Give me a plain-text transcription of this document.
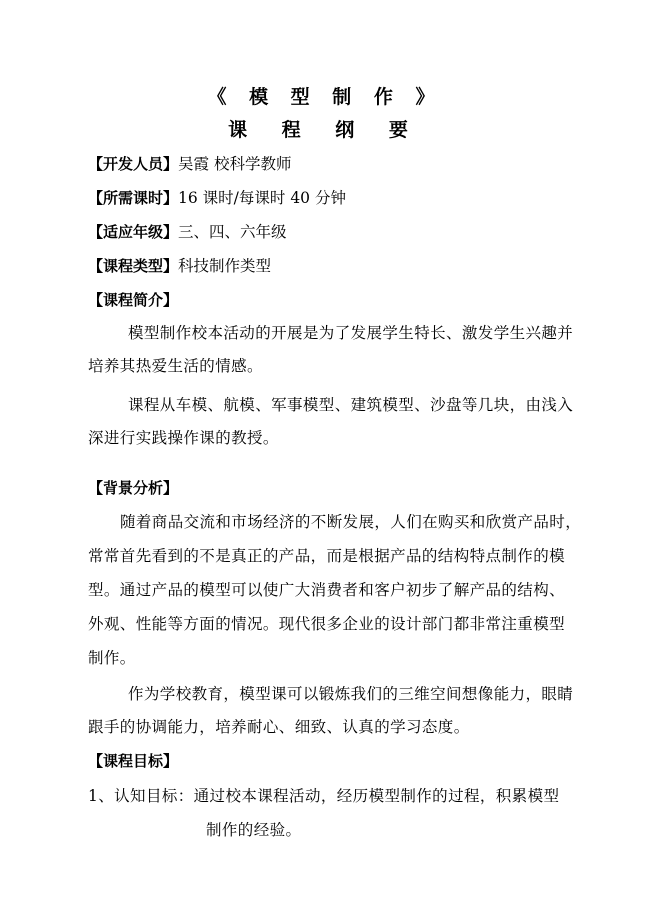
《 模 型 制 作 》
课 程 纲 要
【开发人员】吴霞 校科学教师
【所需课时】16 课时/每课时 40 分钟
【适应年级】三、四、六年级
【课程类型】科技制作类型
【课程简介】
模型制作校本活动的开展是为了发展学生特长、激发学生兴趣并
培养其热爱生活的情感。
课程从车模、航模、军事模型、建筑模型、沙盘等几块，由浅入
深进行实践操作课的教授。
【背景分析】
随着商品交流和市场经济的不断发展，人们在购买和欣赏产品时，
常常首先看到的不是真正的产品，而是根据产品的结构特点制作的模
型。通过产品的模型可以使广大消费者和客户初步了解产品的结构、
外观、性能等方面的情况。现代很多企业的设计部门都非常注重模型
制作。
作为学校教育，模型课可以锻炼我们的三维空间想像能力，眼睛
跟手的协调能力，培养耐心、细致、认真的学习态度。
【课程目标】
1、认知目标：通过校本课程活动，经历模型制作的过程，积累模型
制作的经验。
